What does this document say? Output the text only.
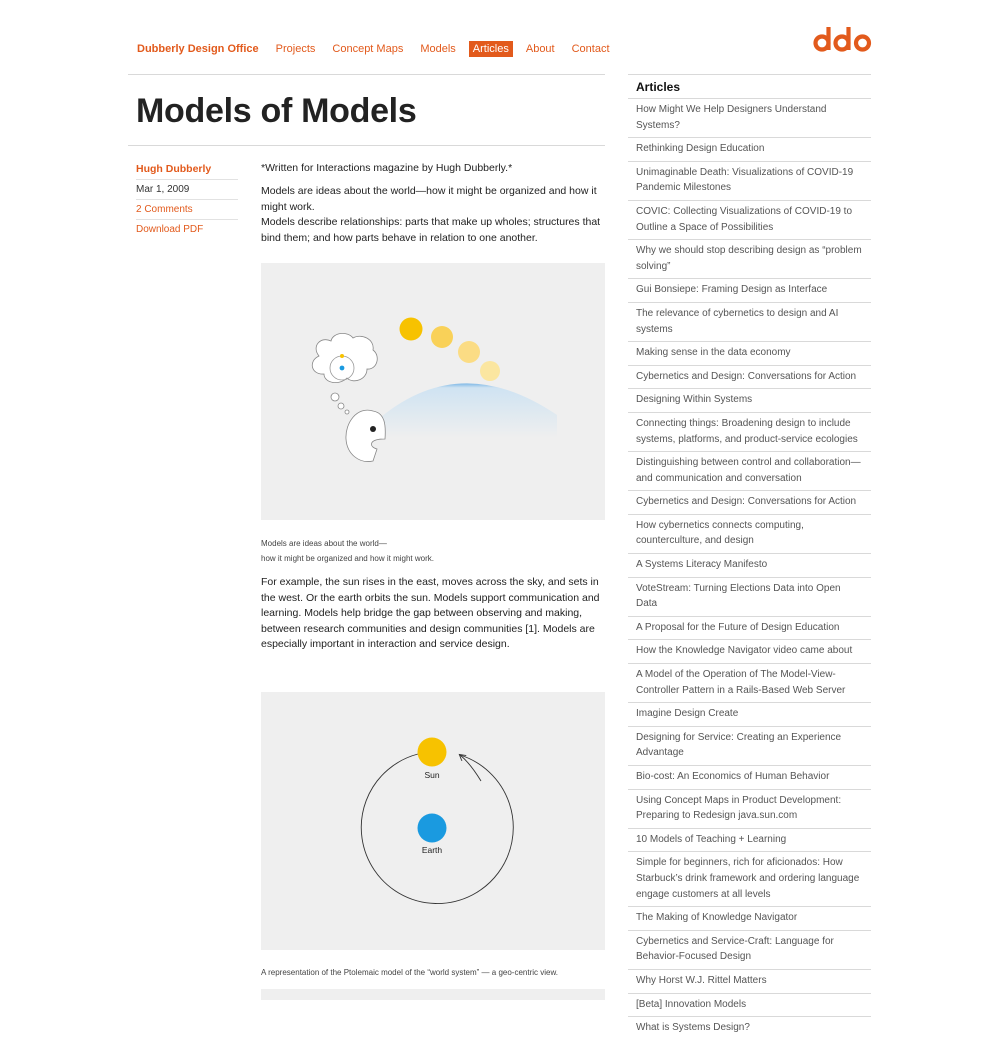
Dubberly Design Office Projects Concept Maps Models	Articles	About Contact
Models of Models
Hugh Dubberly
Mar 1, 2009
2 Comments
Download PDF
*Written for Interactions magazine by Hugh Dubberly.*
Models are ideas about the world—how it might be organized and how it might work.
Models describe relationships: parts that make up wholes; structures that bind them; and how parts behave in relation to one another.
Models are ideas about the world—
how it might be organized and how it might work.
For example, the sun rises in the east, moves across the sky, and sets in the west. Or the earth orbits the sun. Models support communication and learning. Models help bridge the gap between observing and making, between research communities and design communities [1]. Models are especially important in interaction and service design.
Sun
Earth
A representation of the Ptolemaic model of the “world system” — a geo-centric view.
Articles
How Might We Help Designers Understand Systems?
Rethinking Design Education
Unimaginable Death: Visualizations of COVID-19 Pandemic Milestones
COVIC: Collecting Visualizations of COVID-19 to Outline a Space of Possibilities
Why we should stop describing design as “problem solving”
Gui Bonsiepe: Framing Design as Interface
The relevance of cybernetics to design and AI systems
Making sense in the data economy
Cybernetics and Design: Conversations for Action
Designing Within Systems
Connecting things: Broadening design to include systems, platforms, and product-service ecologies
Distinguishing between control and collaboration—and communication and conversation
Cybernetics and Design: Conversations for Action
How cybernetics connects computing, counterculture, and design
A Systems Literacy Manifesto
VoteStream: Turning Elections Data into Open Data
A Proposal for the Future of Design Education
How the Knowledge Navigator video came about
A Model of the Operation of The Model-View-Controller Pattern in a Rails-Based Web Server
Imagine Design Create
Designing for Service: Creating an Experience Advantage
Bio-cost: An Economics of Human Behavior
Using Concept Maps in Product Development: Preparing to Redesign java.sun.com
10 Models of Teaching + Learning
Simple for beginners, rich for aficionados: How Starbuck’s drink framework and ordering language engage customers at all levels
The Making of Knowledge Navigator
Cybernetics and Service-Craft: Language for Behavior-Focused Design
Why Horst W.J. Rittel Matters
[Beta] Innovation Models
What is Systems Design?
